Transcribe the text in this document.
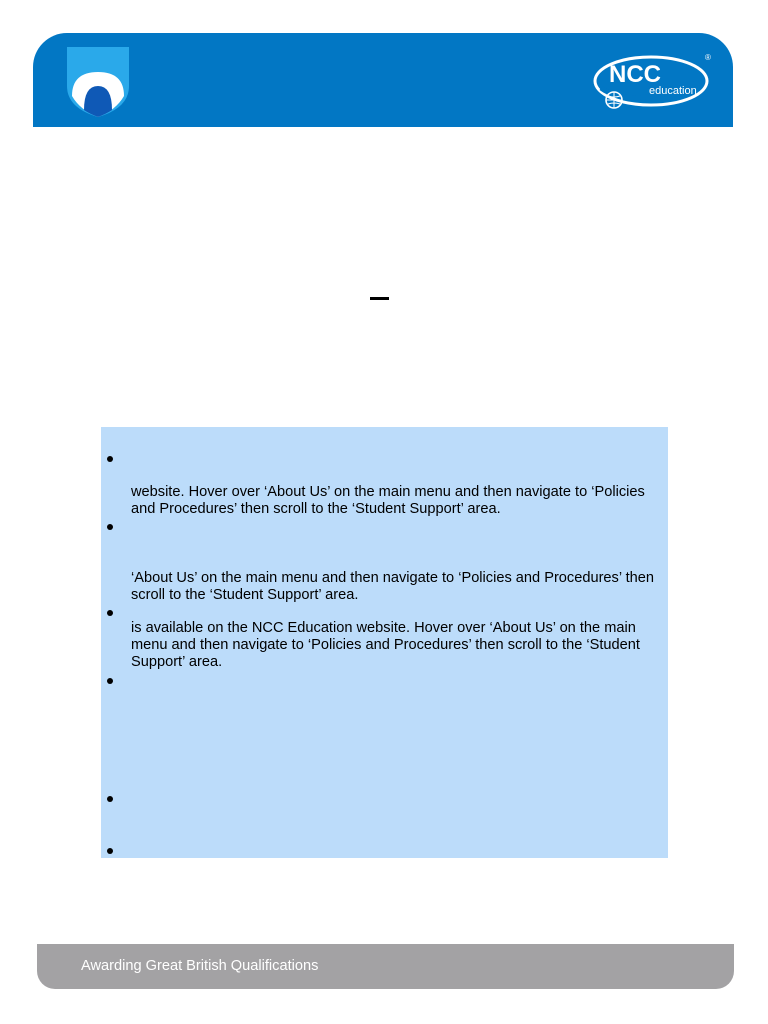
NCC
education
®

website. Hover over ‘About Us’ on the main menu and then navigate to ‘Policies and Procedures’ then scroll to the ‘Student Support’ area.

‘About Us’ on the main menu and then navigate to ‘Policies and Procedures’ then scroll to the ‘Student Support’ area.

is available on the NCC Education website. Hover over ‘About Us’ on the main menu and then navigate to ‘Policies and Procedures’ then scroll to the ‘Student Support’ area.

Awarding Great British Qualifications
